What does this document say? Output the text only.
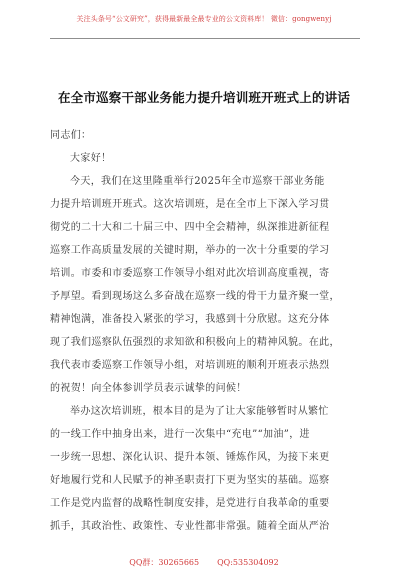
关注头条号“公文研究”，获得最新最全最专业的公文资料库！ 微信：gongwenyj
在全市巡察干部业务能力提升培训班开班式上的讲话
同志们：
大家好！
今天，我们在这里隆重举行2025年全市巡察干部业务能
力提升培训班开班式。这次培训班，是在全市上下深入学习贯
彻党的二十大和二十届三中、四中全会精神，纵深推进新征程
巡察工作高质量发展的关键时期，举办的一次十分重要的学习
培训。市委和市委巡察工作领导小组对此次培训高度重视，寄
予厚望。看到现场这么多奋战在巡察一线的骨干力量齐聚一堂，
精神饱满，准备投入紧张的学习，我感到十分欣慰。这充分体
现了我们巡察队伍强烈的求知欲和积极向上的精神风貌。在此，
我代表市委巡察工作领导小组，对培训班的顺利开班表示热烈
的祝贺！向全体参训学员表示诚挚的问候！
举办这次培训班，根本目的是为了让大家能够暂时从繁忙
的一线工作中抽身出来，进行一次集中“充电”“加油”，进
一步统一思想、深化认识、提升本领、锤炼作风，为接下来更
好地履行党和人民赋予的神圣职责打下更为坚实的基础。巡察
工作是党内监督的战略性制度安排，是党进行自我革命的重要
抓手，其政治性、政策性、专业性都非常强。随着全面从严治
QQ群：30265665 QQ:535304092
